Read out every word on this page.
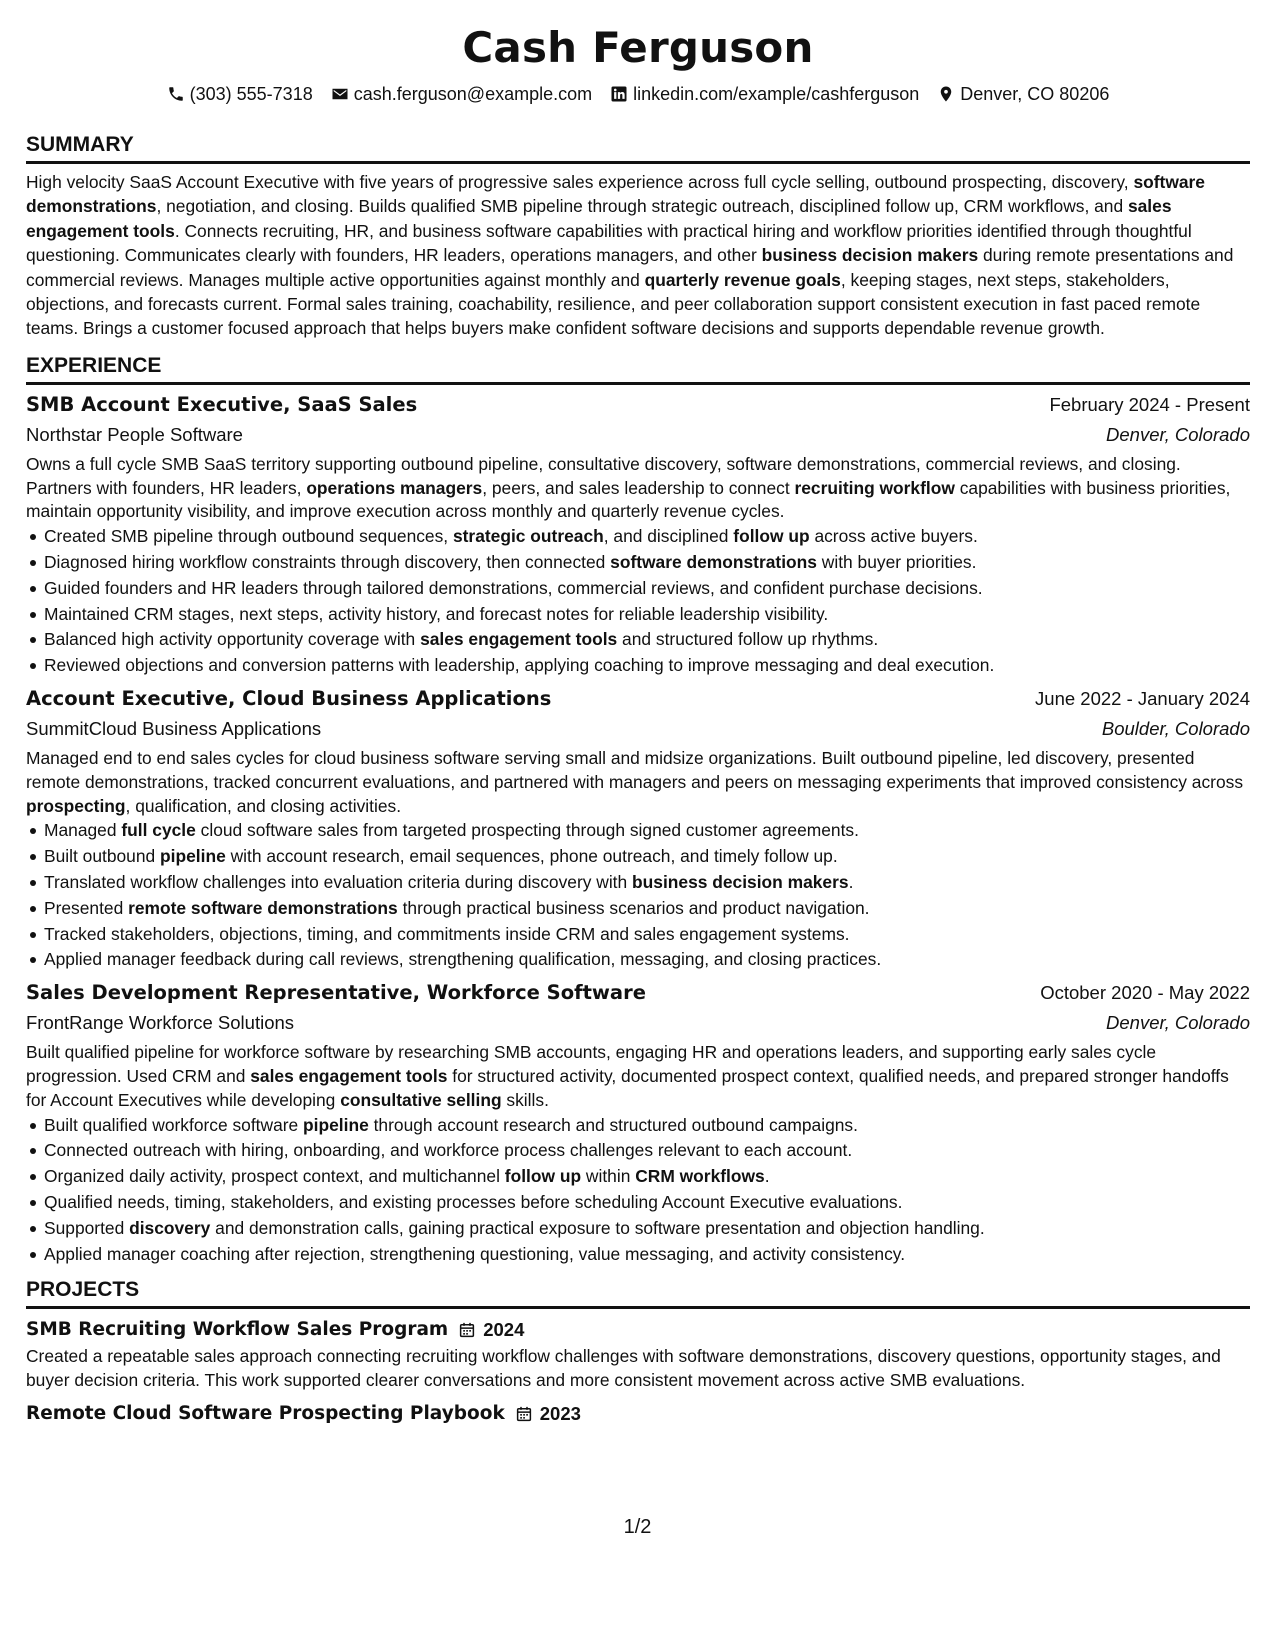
Cash Ferguson
(303) 555-7318 cash.ferguson@example.com linkedin.com/example/cashferguson Denver, CO 80206
SUMMARY

High velocity SaaS Account Executive with five years of progressive sales experience across full cycle selling, outbound prospecting, discovery, software demonstrations, negotiation, and closing. Builds qualified SMB pipeline through strategic outreach, disciplined follow up, CRM workflows, and sales engagement tools. Connects recruiting, HR, and business software capabilities with practical hiring and workflow priorities identified through thoughtful questioning. Communicates clearly with founders, HR leaders, operations managers, and other business decision makers during remote presentations and commercial reviews. Manages multiple active opportunities against monthly and quarterly revenue goals, keeping stages, next steps, stakeholders, objections, and forecasts current. Formal sales training, coachability, resilience, and peer collaboration support consistent execution in fast paced remote teams. Brings a customer focused approach that helps buyers make confident software decisions and supports dependable revenue growth.

EXPERIENCE
SMB Account Executive, SaaS Sales	February 2024 - Present
Northstar People Software	Denver, Colorado

Owns a full cycle SMB SaaS territory supporting outbound pipeline, consultative discovery, software demonstrations, commercial reviews, and closing. Partners with founders, HR leaders, operations managers, peers, and sales leadership to connect recruiting workflow capabilities with business priorities, maintain opportunity visibility, and improve execution across monthly and quarterly revenue cycles.

Created SMB pipeline through outbound sequences, strategic outreach, and disciplined follow up across active buyers.
Diagnosed hiring workflow constraints through discovery, then connected software demonstrations with buyer priorities.
Guided founders and HR leaders through tailored demonstrations, commercial reviews, and confident purchase decisions.
Maintained CRM stages, next steps, activity history, and forecast notes for reliable leadership visibility.
Balanced high activity opportunity coverage with sales engagement tools and structured follow up rhythms.
Reviewed objections and conversion patterns with leadership, applying coaching to improve messaging and deal execution.
Account Executive, Cloud Business Applications	June 2022 - January 2024
SummitCloud Business Applications	Boulder, Colorado

Managed end to end sales cycles for cloud business software serving small and midsize organizations. Built outbound pipeline, led discovery, presented remote demonstrations, tracked concurrent evaluations, and partnered with managers and peers on messaging experiments that improved consistency across prospecting, qualification, and closing activities.

Managed full cycle cloud software sales from targeted prospecting through signed customer agreements.
Built outbound pipeline with account research, email sequences, phone outreach, and timely follow up.
Translated workflow challenges into evaluation criteria during discovery with business decision makers.
Presented remote software demonstrations through practical business scenarios and product navigation.
Tracked stakeholders, objections, timing, and commitments inside CRM and sales engagement systems.
Applied manager feedback during call reviews, strengthening qualification, messaging, and closing practices.
Sales Development Representative, Workforce Software	October 2020 - May 2022
FrontRange Workforce Solutions	Denver, Colorado

Built qualified pipeline for workforce software by researching SMB accounts, engaging HR and operations leaders, and supporting early sales cycle progression. Used CRM and sales engagement tools for structured activity, documented prospect context, qualified needs, and prepared stronger handoffs for Account Executives while developing consultative selling skills.

Built qualified workforce software pipeline through account research and structured outbound campaigns.
Connected outreach with hiring, onboarding, and workforce process challenges relevant to each account.
Organized daily activity, prospect context, and multichannel follow up within CRM workflows.
Qualified needs, timing, stakeholders, and existing processes before scheduling Account Executive evaluations.
Supported discovery and demonstration calls, gaining practical exposure to software presentation and objection handling.
Applied manager coaching after rejection, strengthening questioning, value messaging, and activity consistency.
PROJECTS
SMB Recruiting Workflow Sales Program 2024

Created a repeatable sales approach connecting recruiting workflow challenges with software demonstrations, discovery questions, opportunity stages, and buyer decision criteria. This work supported clearer conversations and more consistent movement across active SMB evaluations.

Remote Cloud Software Prospecting Playbook 2023
1/2
